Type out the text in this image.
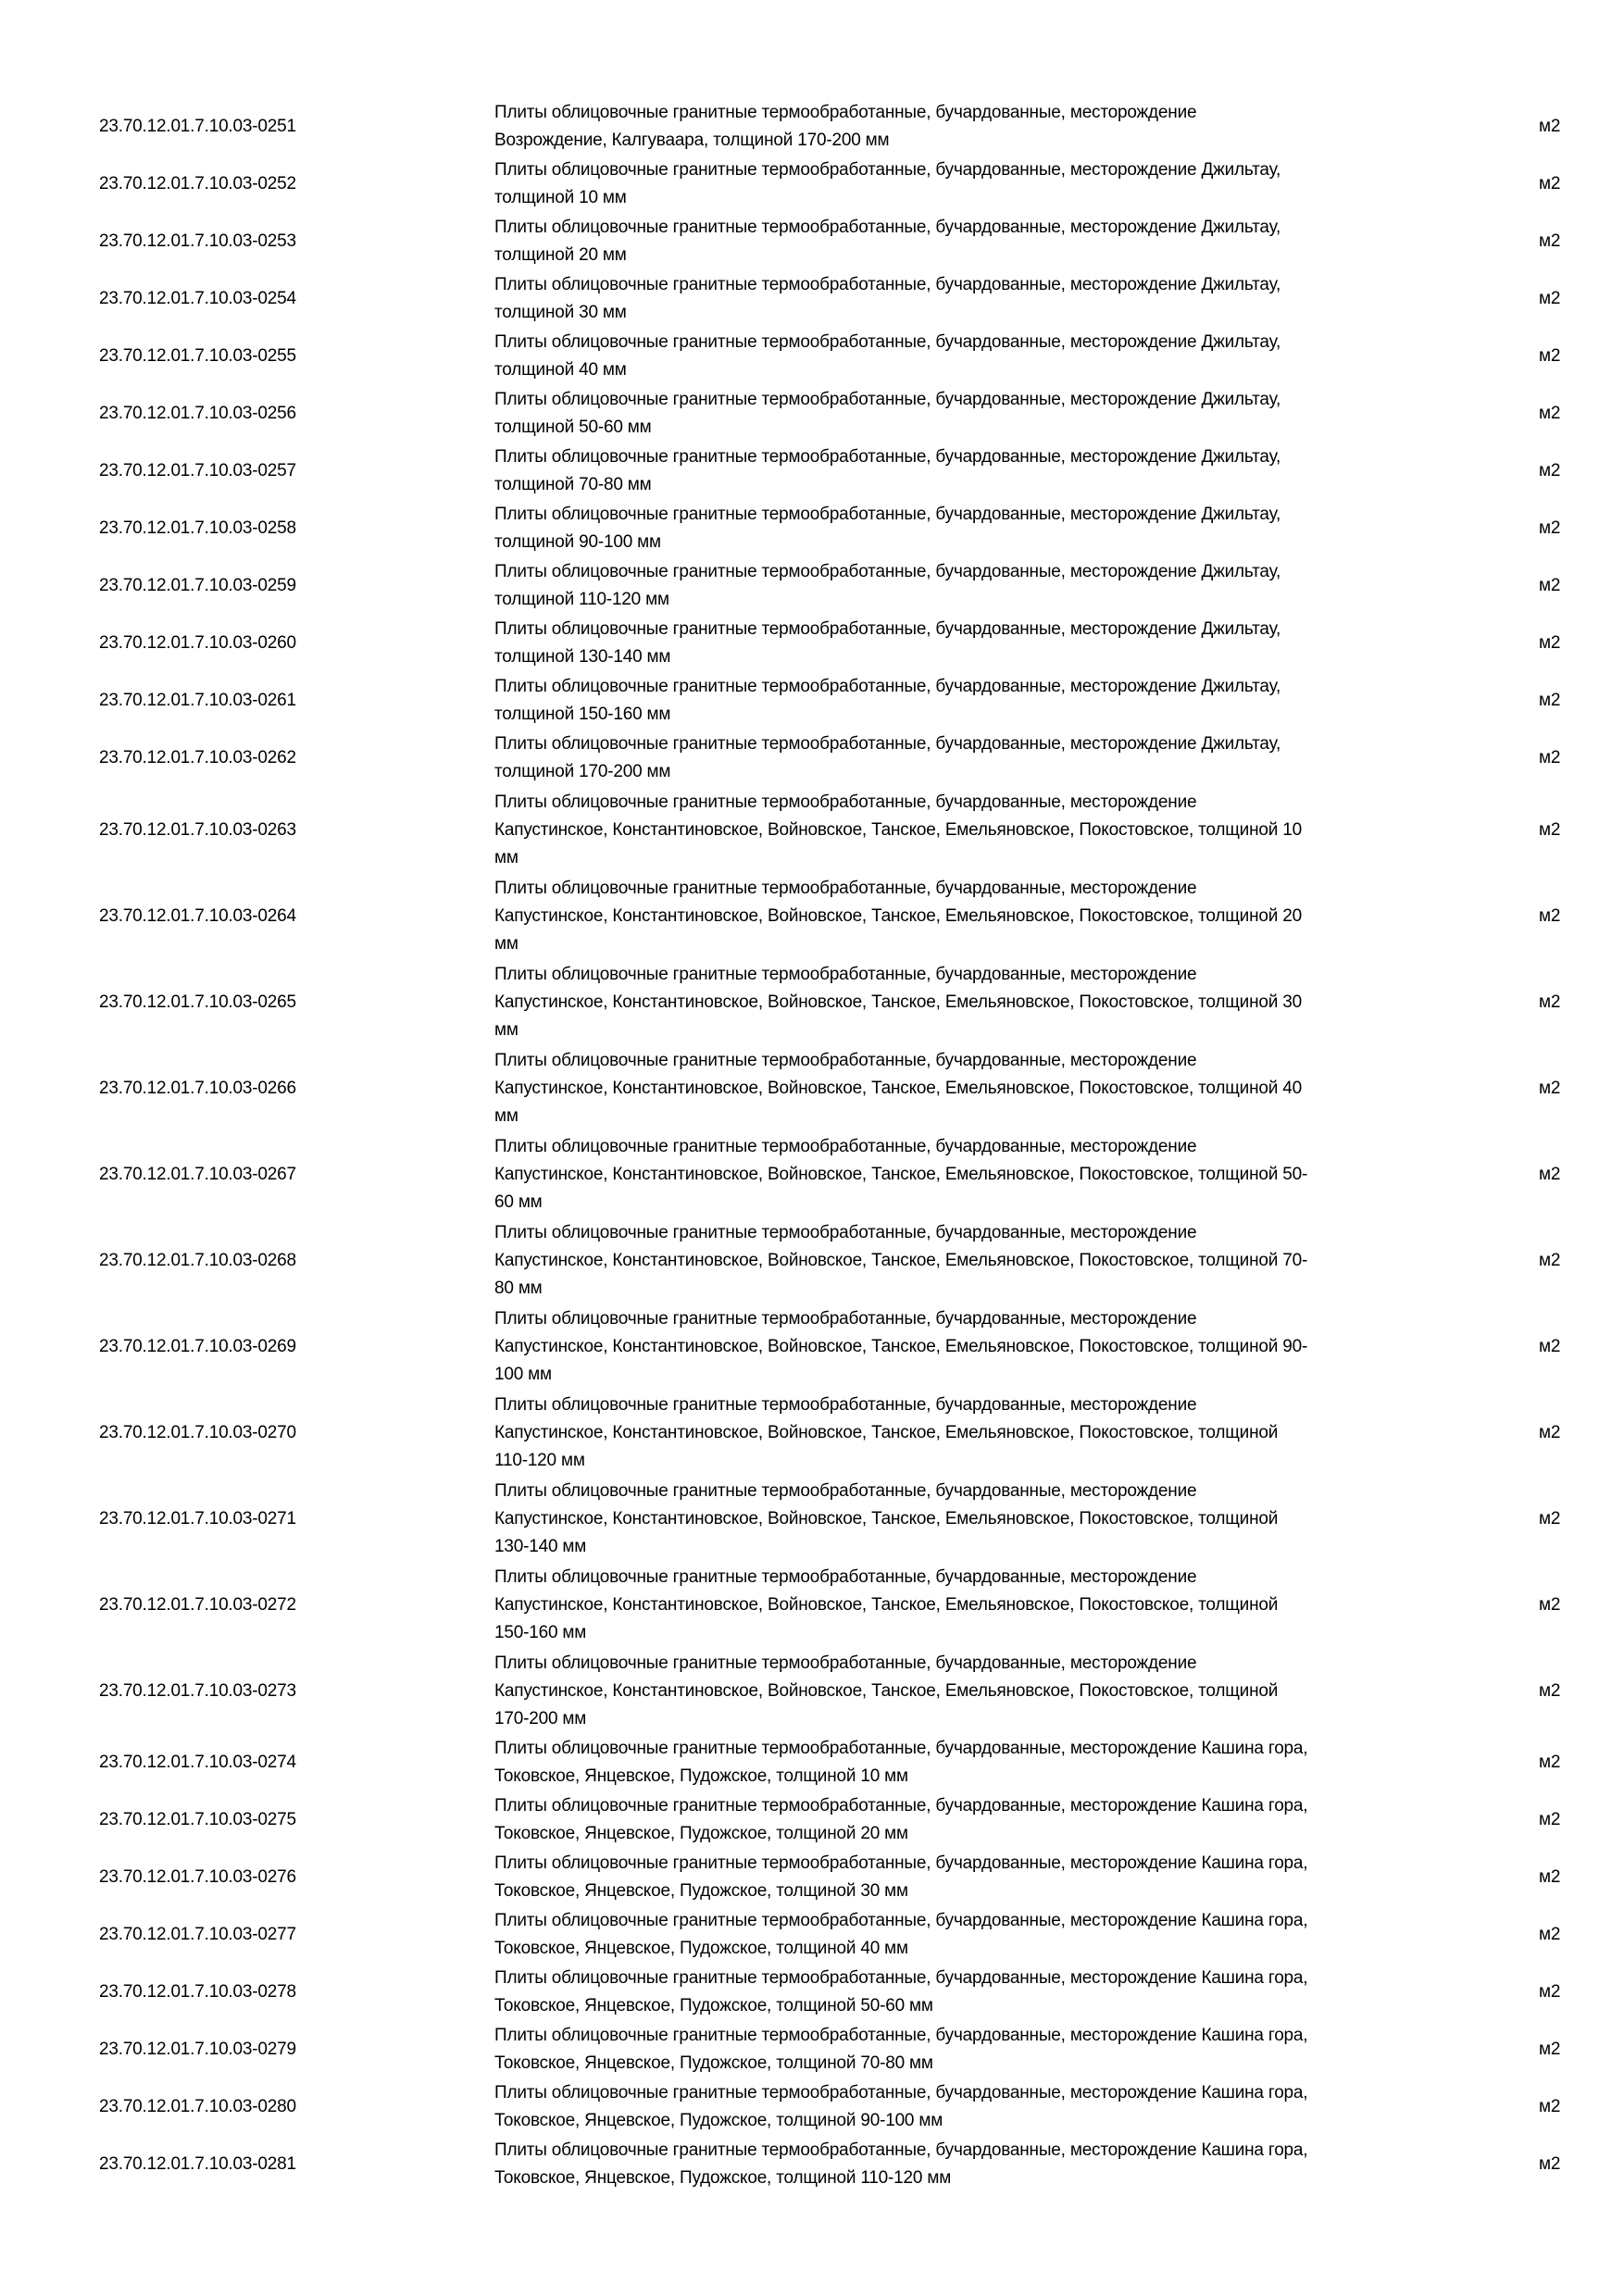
23.70.12.01.7.10.03-0251
Плиты облицовочные гранитные термообработанные, бучардованные, месторождение
Возрождение, Калгуваара, толщиной 170-200 мм
м2
23.70.12.01.7.10.03-0252
Плиты облицовочные гранитные термообработанные, бучардованные, месторождение Джильтау,
толщиной 10 мм
м2
23.70.12.01.7.10.03-0253
Плиты облицовочные гранитные термообработанные, бучардованные, месторождение Джильтау,
толщиной 20 мм
м2
23.70.12.01.7.10.03-0254
Плиты облицовочные гранитные термообработанные, бучардованные, месторождение Джильтау,
толщиной 30 мм
м2
23.70.12.01.7.10.03-0255
Плиты облицовочные гранитные термообработанные, бучардованные, месторождение Джильтау,
толщиной 40 мм
м2
23.70.12.01.7.10.03-0256
Плиты облицовочные гранитные термообработанные, бучардованные, месторождение Джильтау,
толщиной 50-60 мм
м2
23.70.12.01.7.10.03-0257
Плиты облицовочные гранитные термообработанные, бучардованные, месторождение Джильтау,
толщиной 70-80 мм
м2
23.70.12.01.7.10.03-0258
Плиты облицовочные гранитные термообработанные, бучардованные, месторождение Джильтау,
толщиной 90-100 мм
м2
23.70.12.01.7.10.03-0259
Плиты облицовочные гранитные термообработанные, бучардованные, месторождение Джильтау,
толщиной 110-120 мм
м2
23.70.12.01.7.10.03-0260
Плиты облицовочные гранитные термообработанные, бучардованные, месторождение Джильтау,
толщиной 130-140 мм
м2
23.70.12.01.7.10.03-0261
Плиты облицовочные гранитные термообработанные, бучардованные, месторождение Джильтау,
толщиной 150-160 мм
м2
23.70.12.01.7.10.03-0262
Плиты облицовочные гранитные термообработанные, бучардованные, месторождение Джильтау,
толщиной 170-200 мм
м2
23.70.12.01.7.10.03-0263
Плиты облицовочные гранитные термообработанные, бучардованные, месторождение
Капустинское, Константиновское, Войновское, Танское, Емельяновское, Покостовское, толщиной 10
мм
м2
23.70.12.01.7.10.03-0264
Плиты облицовочные гранитные термообработанные, бучардованные, месторождение
Капустинское, Константиновское, Войновское, Танское, Емельяновское, Покостовское, толщиной 20
мм
м2
23.70.12.01.7.10.03-0265
Плиты облицовочные гранитные термообработанные, бучардованные, месторождение
Капустинское, Константиновское, Войновское, Танское, Емельяновское, Покостовское, толщиной 30
мм
м2
23.70.12.01.7.10.03-0266
Плиты облицовочные гранитные термообработанные, бучардованные, месторождение
Капустинское, Константиновское, Войновское, Танское, Емельяновское, Покостовское, толщиной 40
мм
м2
23.70.12.01.7.10.03-0267
Плиты облицовочные гранитные термообработанные, бучардованные, месторождение
Капустинское, Константиновское, Войновское, Танское, Емельяновское, Покостовское, толщиной 50-
60 мм
м2
23.70.12.01.7.10.03-0268
Плиты облицовочные гранитные термообработанные, бучардованные, месторождение
Капустинское, Константиновское, Войновское, Танское, Емельяновское, Покостовское, толщиной 70-
80 мм
м2
23.70.12.01.7.10.03-0269
Плиты облицовочные гранитные термообработанные, бучардованные, месторождение
Капустинское, Константиновское, Войновское, Танское, Емельяновское, Покостовское, толщиной 90-
100 мм
м2
23.70.12.01.7.10.03-0270
Плиты облицовочные гранитные термообработанные, бучардованные, месторождение
Капустинское, Константиновское, Войновское, Танское, Емельяновское, Покостовское, толщиной
110-120 мм
м2
23.70.12.01.7.10.03-0271
Плиты облицовочные гранитные термообработанные, бучардованные, месторождение
Капустинское, Константиновское, Войновское, Танское, Емельяновское, Покостовское, толщиной
130-140 мм
м2
23.70.12.01.7.10.03-0272
Плиты облицовочные гранитные термообработанные, бучардованные, месторождение
Капустинское, Константиновское, Войновское, Танское, Емельяновское, Покостовское, толщиной
150-160 мм
м2
23.70.12.01.7.10.03-0273
Плиты облицовочные гранитные термообработанные, бучардованные, месторождение
Капустинское, Константиновское, Войновское, Танское, Емельяновское, Покостовское, толщиной
170-200 мм
м2
23.70.12.01.7.10.03-0274
Плиты облицовочные гранитные термообработанные, бучардованные, месторождение Кашина гора,
Токовское, Янцевское, Пудожское, толщиной 10 мм
м2
23.70.12.01.7.10.03-0275
Плиты облицовочные гранитные термообработанные, бучардованные, месторождение Кашина гора,
Токовское, Янцевское, Пудожское, толщиной 20 мм
м2
23.70.12.01.7.10.03-0276
Плиты облицовочные гранитные термообработанные, бучардованные, месторождение Кашина гора,
Токовское, Янцевское, Пудожское, толщиной 30 мм
м2
23.70.12.01.7.10.03-0277
Плиты облицовочные гранитные термообработанные, бучардованные, месторождение Кашина гора,
Токовское, Янцевское, Пудожское, толщиной 40 мм
м2
23.70.12.01.7.10.03-0278
Плиты облицовочные гранитные термообработанные, бучардованные, месторождение Кашина гора,
Токовское, Янцевское, Пудожское, толщиной 50-60 мм
м2
23.70.12.01.7.10.03-0279
Плиты облицовочные гранитные термообработанные, бучардованные, месторождение Кашина гора,
Токовское, Янцевское, Пудожское, толщиной 70-80 мм
м2
23.70.12.01.7.10.03-0280
Плиты облицовочные гранитные термообработанные, бучардованные, месторождение Кашина гора,
Токовское, Янцевское, Пудожское, толщиной 90-100 мм
м2
23.70.12.01.7.10.03-0281
Плиты облицовочные гранитные термообработанные, бучардованные, месторождение Кашина гора,
Токовское, Янцевское, Пудожское, толщиной 110-120 мм
м2
